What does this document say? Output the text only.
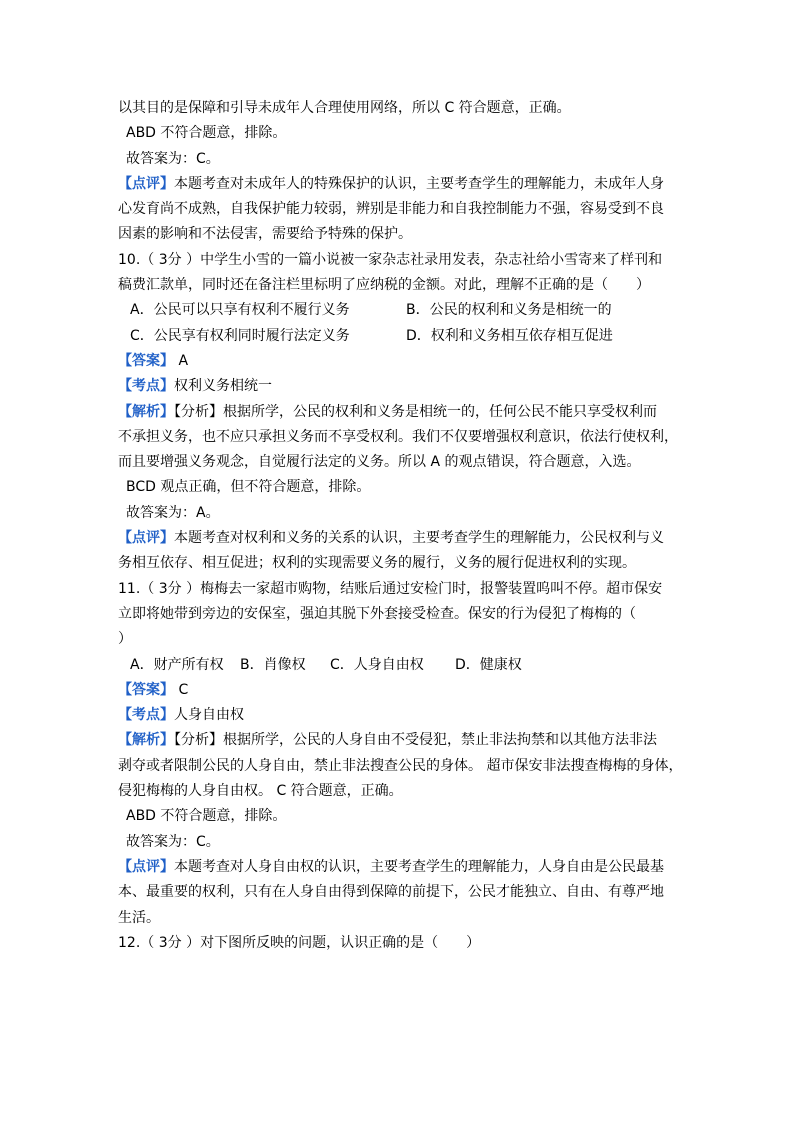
以其目的是保障和引导未成年人合理使用网络，所以 C 符合题意，正确。
ABD 不符合题意，排除。
故答案为：C。
【点评】本题考查对未成年人的特殊保护的认识，主要考查学生的理解能力，未成年人身
心发育尚不成熟，自我保护能力较弱，辨别是非能力和自我控制能力不强，容易受到不良
因素的影响和不法侵害，需要给予特殊的保护。
10.（ 3分 ）中学生小雪的一篇小说被一家杂志社录用发表，杂志社给小雪寄来了样刊和
稿费汇款单，同时还在备注栏里标明了应纳税的金额。对此，理解不正确的是（　　）
A．公民可以只享有权利不履行义务	B．公民的权利和义务是相统一的
C．公民享有权利同时履行法定义务	D．权利和义务相互依存相互促进
【答案】 A
【考点】权利义务相统一
【解析】【分析】根据所学，公民的权利和义务是相统一的，任何公民不能只享受权利而
不承担义务，也不应只承担义务而不享受权利。我们不仅要增强权利意识，依法行使权利，
而且要增强义务观念，自觉履行法定的义务。所以 A 的观点错误，符合题意，入选。
BCD 观点正确，但不符合题意，排除。
故答案为：A。
【点评】本题考查对权利和义务的关系的认识，主要考查学生的理解能力，公民权利与义
务相互依存、相互促进；权利的实现需要义务的履行，义务的履行促进权利的实现。
11.（ 3分 ）梅梅去一家超市购物，结账后通过安检门时，报警装置呜叫不停。超市保安
立即将她带到旁边的安保室，强迫其脱下外套接受检查。保安的行为侵犯了梅梅的（
）
A．财产所有权 B．肖像权 C．人身自由权 D．健康权
【答案】 C
【考点】人身自由权
【解析】【分析】根据所学，公民的人身自由不受侵犯，禁止非法拘禁和以其他方法非法
剥夺或者限制公民的人身自由，禁止非法搜查公民的身体。 超市保安非法搜查梅梅的身体，
侵犯梅梅的人身自由权。 C 符合题意，正确。
ABD 不符合题意，排除。
故答案为：C。
【点评】本题考查对人身自由权的认识，主要考查学生的理解能力，人身自由是公民最基
本、最重要的权利，只有在人身自由得到保障的前提下，公民才能独立、自由、有尊严地
生活。
12.（ 3分 ）对下图所反映的问题，认识正确的是（　　）
